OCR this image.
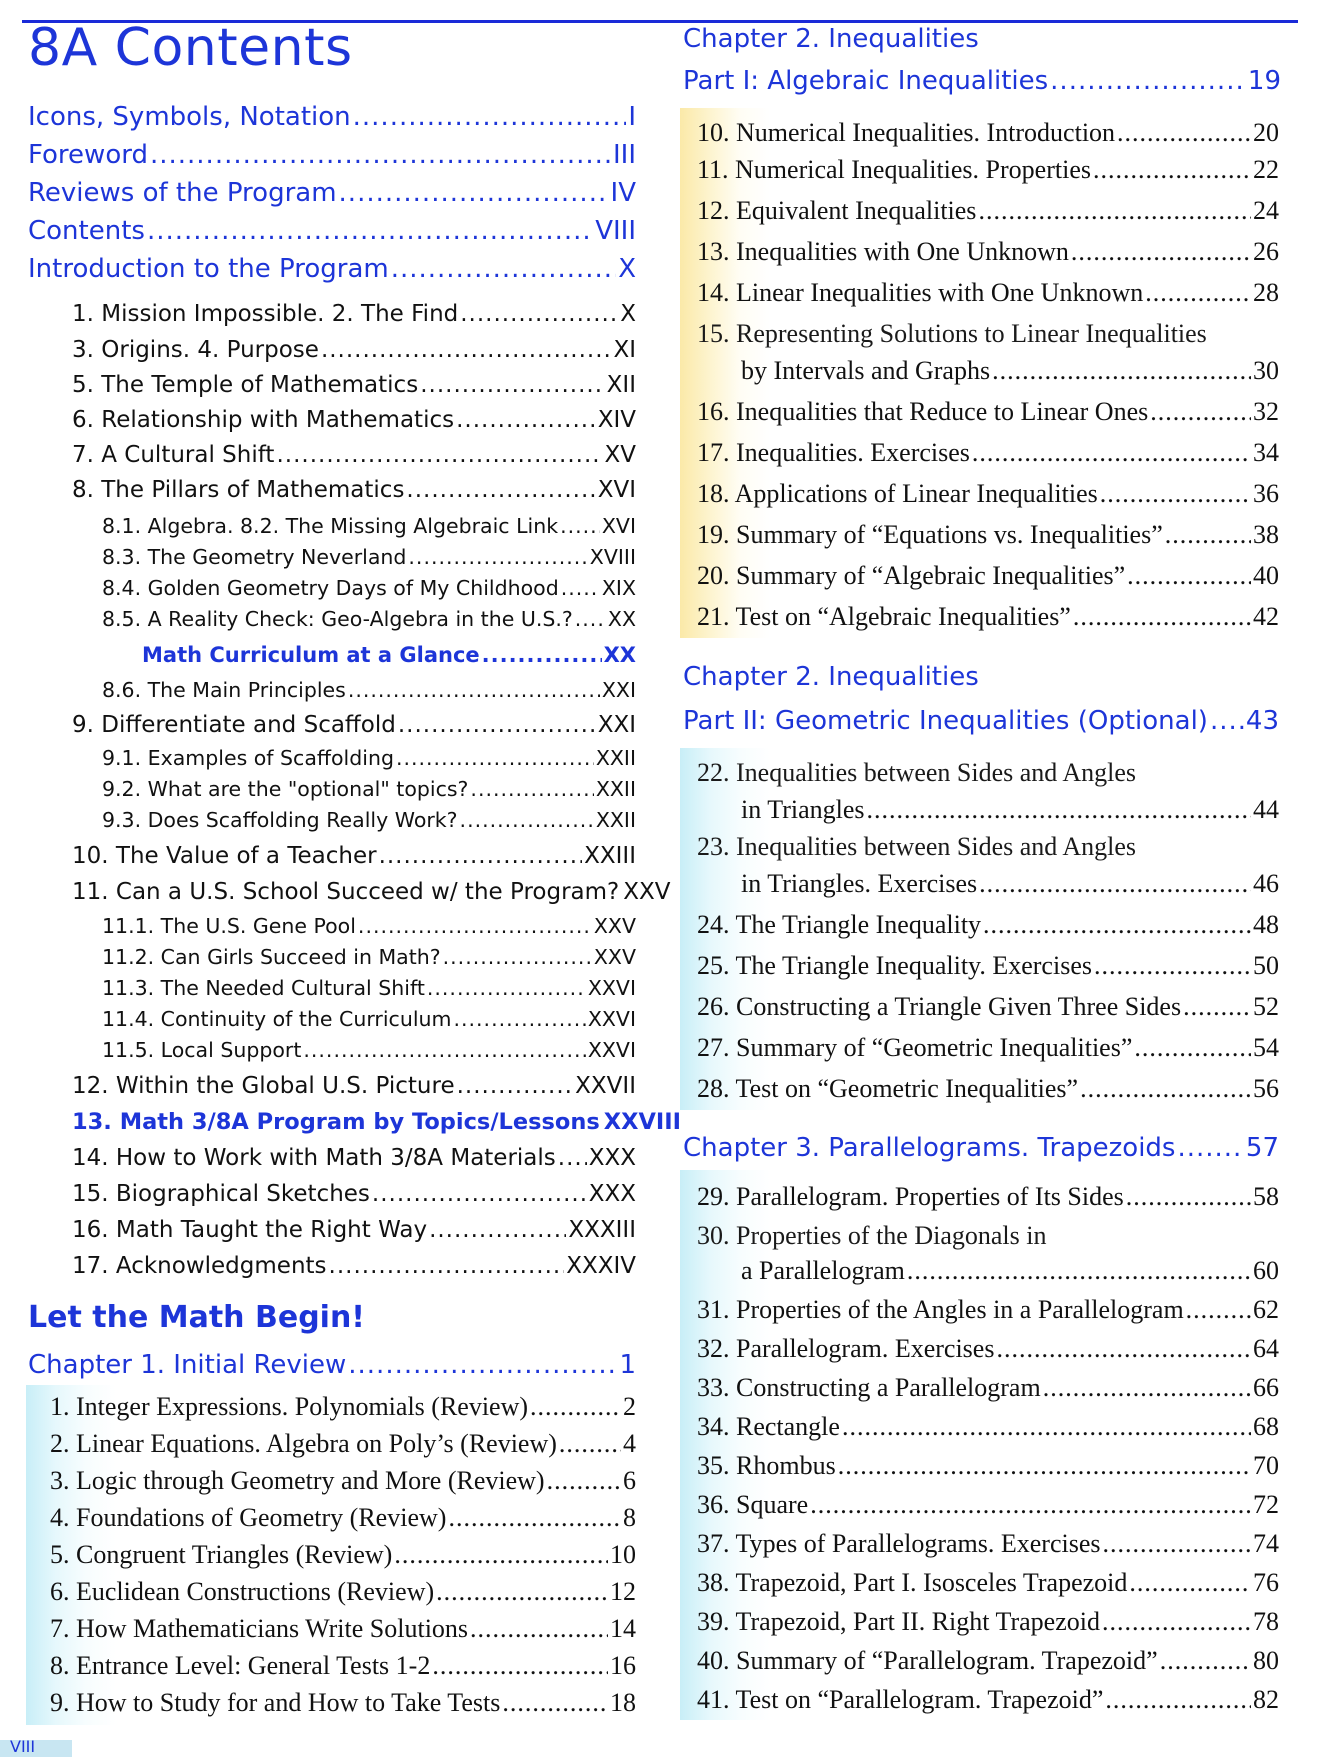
8A Contents
Icons, Symbols, Notation .....	I
Foreword .....	III
Reviews of the Program .....	IV
Contents .....	VIII
Introduction to the Program .....	X
1. Mission Impossible. 2. The Find .....	X
3. Origins. 4. Purpose .....	XI
5. The Temple of Mathematics .....	XII
6. Relationship with Mathematics .....	XIV
7. A Cultural Shift .....	XV
8. The Pillars of Mathematics .....	XVI
8.1. Algebra. 8.2. The Missing Algebraic Link ..... XVI
8.3. The Geometry Neverland .....	XVIII
8.4. Golden Geometry Days of My Childhood ..... XIX
8.5. A Reality Check: Geo-Algebra in the U.S.? ..... XX
Math Curriculum at a Glance .....	XX
8.6. The Main Principles .....	XXI
9. Differentiate and Scaffold .....	XXI
9.1. Examples of Scaffolding .....	XXII
9.2. What are the "optional" topics? .....	XXII
9.3. Does Scaffolding Really Work? .....	XXII
10. The Value of a Teacher .....	XXIII
11. Can a U.S. School Succeed w/ the Program? XXV
11.1. The U.S. Gene Pool .....	XXV
11.2. Can Girls Succeed in Math? .....	XXV
11.3. The Needed Cultural Shift .....	XXVI
11.4. Continuity of the Curriculum .....	XXVI
11.5. Local Support .....	XXVI
12. Within the Global U.S. Picture .....	XXVII
13. Math 3/8A Program by Topics/Lessons XXVIII
14. How to Work with Math 3/8A Materials ..... XXX
15. Biographical Sketches .....	XXX
16. Math Taught the Right Way .....	XXXIII
17. Acknowledgments .....	XXXIV
Let the Math Begin!
Chapter 1. Initial Review .....	1
1. Integer Expressions. Polynomials (Review) .....	2
2. Linear Equations. Algebra on Poly’s (Review) .....	4
3. Logic through Geometry and More (Review) .....	6
4. Foundations of Geometry (Review) .....	8
5. Congruent Triangles (Review) .....	10
6. Euclidean Constructions (Review) .....	12
7. How Mathematicians Write Solutions .....	14
8. Entrance Level: General Tests 1-2 .....	16
9. How to Study for and How to Take Tests .....	18
Chapter 2. Inequalities
Part I: Algebraic Inequalities .....	19
10. Numerical Inequalities. Introduction .....	20
11. Numerical Inequalities. Properties .....	22
12. Equivalent Inequalities .....	24
13. Inequalities with One Unknown .....	26
14. Linear Inequalities with One Unknown .....	28
15. Representing Solutions to Linear Inequalities
by Intervals and Graphs .....	30
16. Inequalities that Reduce to Linear Ones .....	32
17. Inequalities. Exercises .....	34
18. Applications of Linear Inequalities .....	36
19. Summary of “Equations vs. Inequalities” .....	38
20. Summary of “Algebraic Inequalities” .....	40
21. Test on “Algebraic Inequalities” .....	42
Chapter 2. Inequalities
Part II: Geometric Inequalities (Optional) ..... 43
22. Inequalities between Sides and Angles
in Triangles .....	44
23. Inequalities between Sides and Angles
in Triangles. Exercises .....	46
24. The Triangle Inequality .....	48
25. The Triangle Inequality. Exercises .....	50
26. Constructing a Triangle Given Three Sides .....	52
27. Summary of “Geometric Inequalities” .....	54
28. Test on “Geometric Inequalities” .....	56
Chapter 3. Parallelograms. Trapezoids .....	57
29. Parallelogram. Properties of Its Sides .....	58
30. Properties of the Diagonals in
a Parallelogram .....	60
31. Properties of the Angles in a Parallelogram .....	62
32. Parallelogram. Exercises .....	64
33. Constructing a Parallelogram .....	66
34. Rectangle .....	68
35. Rhombus .....	70
36. Square .....	72
37. Types of Parallelograms. Exercises .....	74
38. Trapezoid, Part I. Isosceles Trapezoid .....	76
39. Trapezoid, Part II. Right Trapezoid .....	78
40. Summary of “Parallelogram. Trapezoid” .....	80
41. Test on “Parallelogram. Trapezoid” .....	82
VIII
